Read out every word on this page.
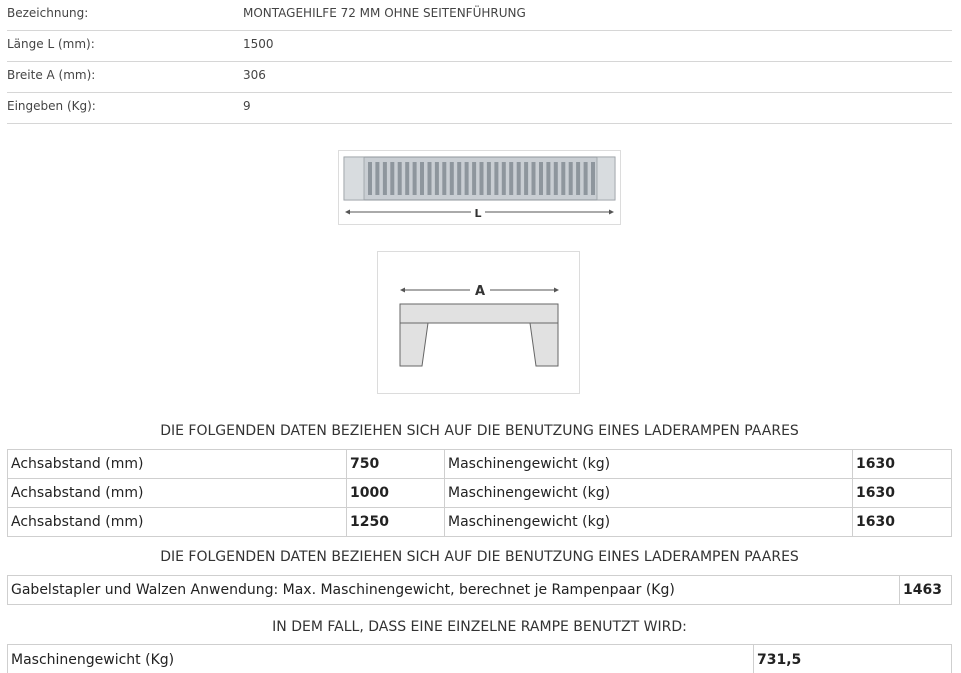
Bezeichnung:	MONTAGEHILFE 72 MM OHNE SEITENFÜHRUNG
Länge L (mm):	1500
Breite A (mm):	306
Eingeben (Kg):	9
L
A
DIE FOLGENDEN DATEN BEZIEHEN SICH AUF DIE BENUTZUNG EINES LADERAMPEN PAARES
Achsabstand (mm)	750	Maschinengewicht (kg)	1630
Achsabstand (mm)	1000	Maschinengewicht (kg)	1630
Achsabstand (mm)	1250	Maschinengewicht (kg)	1630
DIE FOLGENDEN DATEN BEZIEHEN SICH AUF DIE BENUTZUNG EINES LADERAMPEN PAARES
Gabelstapler und Walzen Anwendung: Max. Maschinengewicht, berechnet je Rampenpaar (Kg)	1463
IN DEM FALL, DASS EINE EINZELNE RAMPE BENUTZT WIRD:
Maschinengewicht (Kg)	731,5
